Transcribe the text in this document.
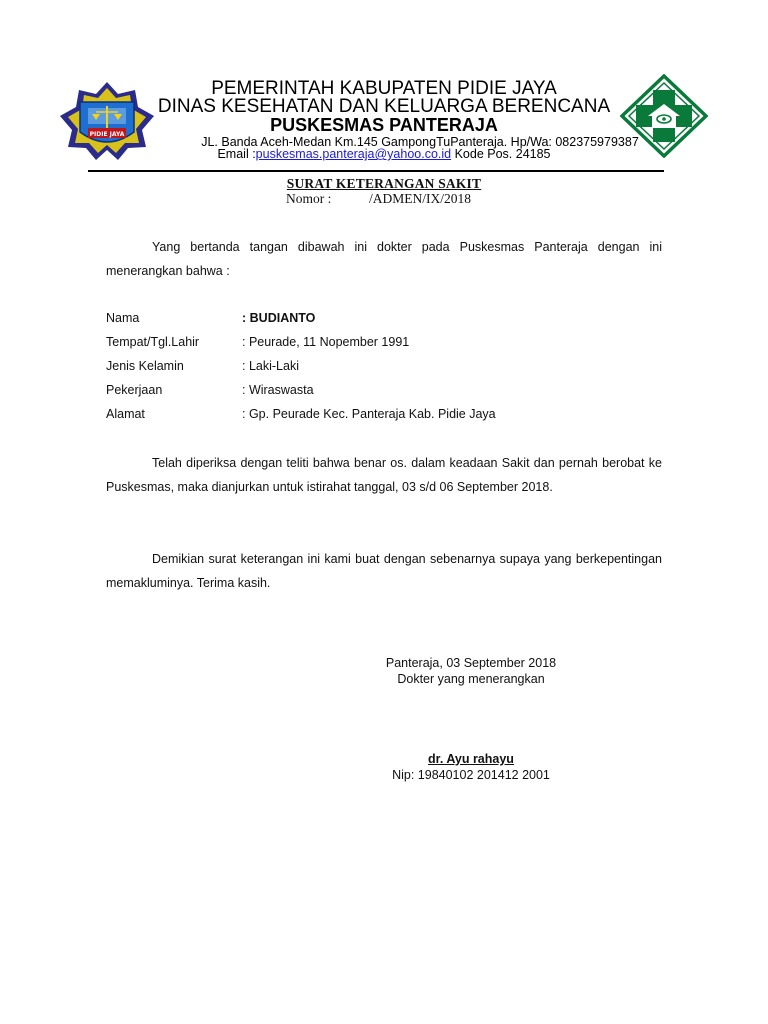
PIDIE JAYA
PEMERINTAH KABUPATEN PIDIE JAYA
DINAS KESEHATAN DAN KELUARGA BERENCANA
PUSKESMAS PANTERAJA
JL. Banda Aceh-Medan Km.145 GampongTuPanteraja. Hp/Wa: 082375979387
Email :puskesmas.panteraja@yahoo.co.id Kode Pos. 24185
SURAT KETERANGAN SAKIT
Nomor :	/ADMEN/IX/2018
Yang bertanda tangan dibawah ini dokter pada Puskesmas Panteraja dengan ini menerangkan bahwa :
Nama	: BUDIANTO
Tempat/Tgl.Lahir	: Peurade, 11 Nopember 1991
Jenis Kelamin	: Laki-Laki
Pekerjaan	: Wiraswasta
Alamat	: Gp. Peurade Kec. Panteraja Kab. Pidie Jaya
Telah diperiksa dengan teliti bahwa benar os. dalam keadaan Sakit dan pernah berobat ke Puskesmas, maka dianjurkan untuk istirahat tanggal, 03 s/d 06 September 2018.
Demikian surat keterangan ini kami buat dengan sebenarnya supaya yang berkepentingan memakluminya. Terima kasih.
Panteraja, 03 September 2018
Dokter yang menerangkan
dr. Ayu rahayu
Nip: 19840102 201412 2001
